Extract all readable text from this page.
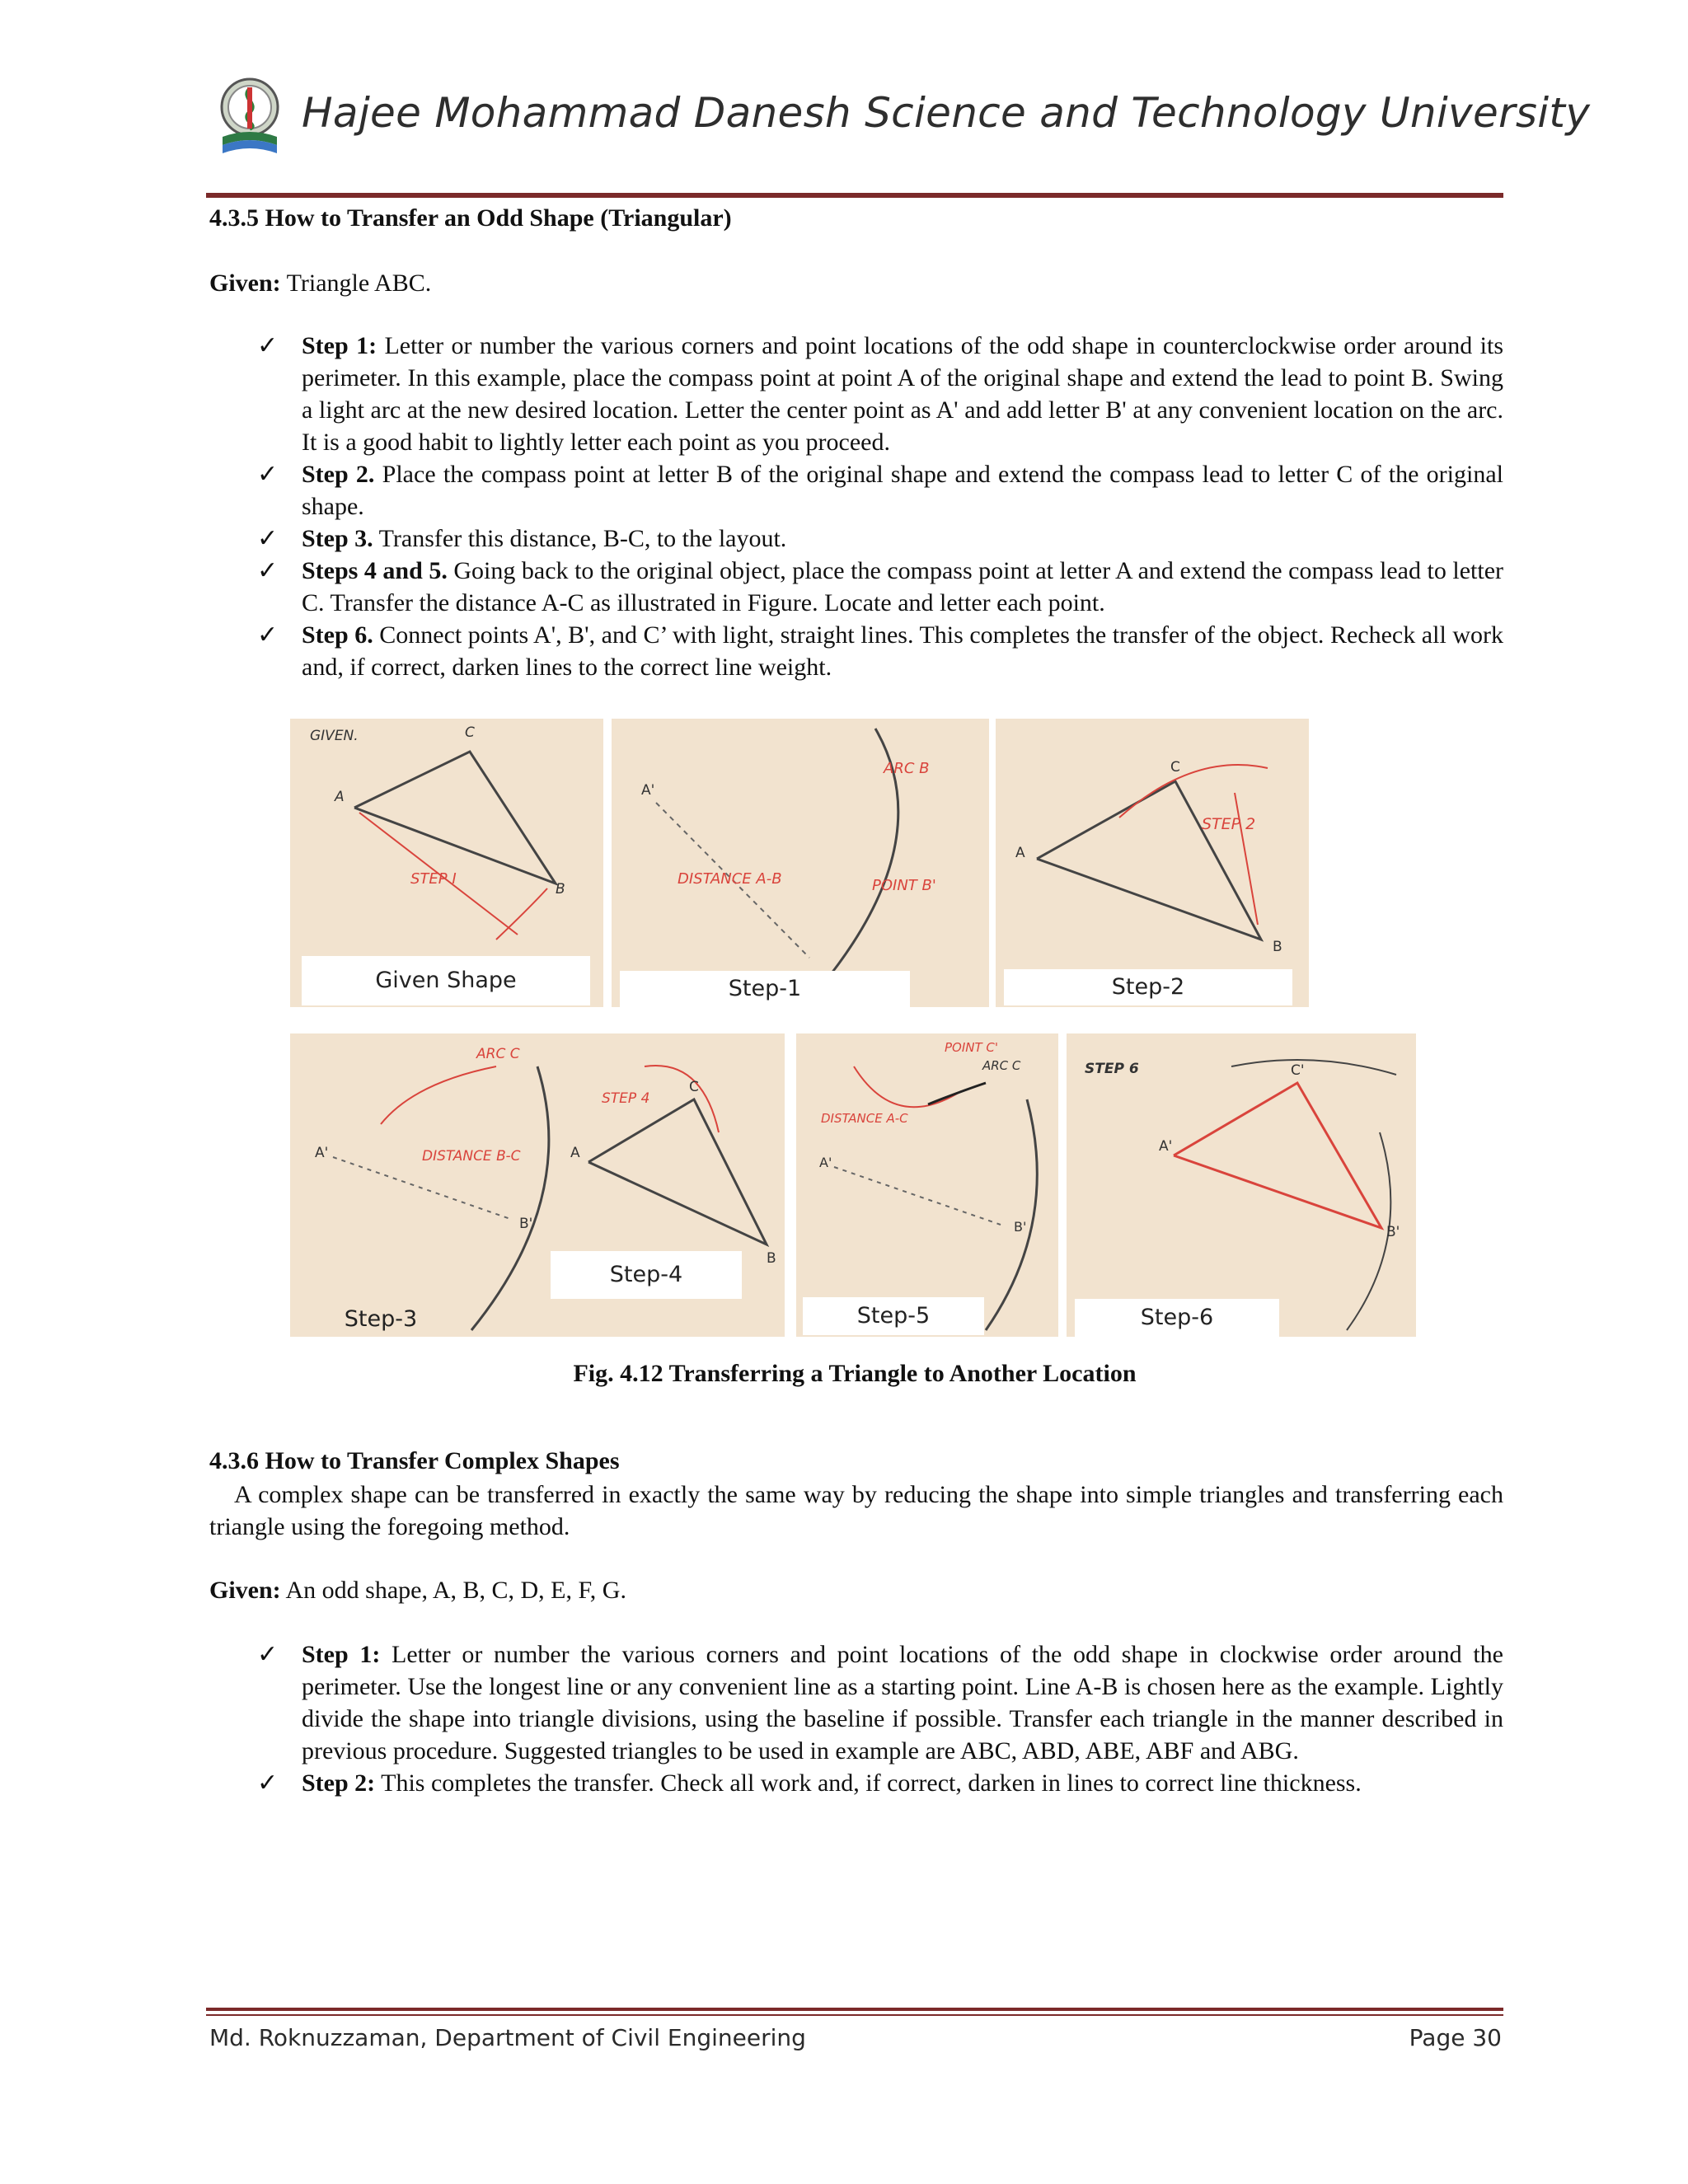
Hajee Mohammad Danesh Science and Technology University
4.3.5 How to Transfer an Odd Shape (Triangular)
Given: Triangle ABC.
✓ Step 1: Letter or number the various corners and point locations of the odd shape in counterclockwise order around its perimeter. In this example, place the compass point at point A of the original shape and extend the lead to point B. Swing a light arc at the new desired location. Letter the center point as A' and add letter B' at any convenient location on the arc. It is a good habit to lightly letter each point as you proceed.
✓ Step 2. Place the compass point at letter B of the original shape and extend the compass lead to letter C of the original shape.
✓ Step 3. Transfer this distance, B-C, to the layout.
✓ Steps 4 and 5. Going back to the original object, place the compass point at letter A and extend the compass lead to letter C. Transfer the distance A-C as illustrated in Figure. Locate and letter each point.
✓ Step 6. Connect points A', B', and C’ with light, straight lines. This completes the transfer of the object. Recheck all work and, if correct, darken lines to the correct line weight.
GIVEN.
A
C
B
STEP I
Given Shape
ARC B
DISTANCE A-B	POINT B'
A'
Step-1
A
C
B
STEP 2
Step-2
A'
B'
ARC C
DISTANCE B-C	A
C
B
STEP 4
Step-3
Step-4
POINT C'
DISTANCE A-C
ARC C
A'
B'
Step-5
STEP 6
A'
C'
B'
Step-6
Fig. 4.12 Transferring a Triangle to Another Location
4.3.6 How to Transfer Complex Shapes
A complex shape can be transferred in exactly the same way by reducing the shape into simple triangles and transferring each triangle using the foregoing method.
Given: An odd shape, A, B, C, D, E, F, G.
✓ Step 1: Letter or number the various corners and point locations of the odd shape in clockwise order around the perimeter. Use the longest line or any convenient line as a starting point. Line A-B is chosen here as the example. Lightly divide the shape into triangle divisions, using the baseline if possible. Transfer each triangle in the manner described in previous procedure. Suggested triangles to be used in example are ABC, ABD, ABE, ABF and ABG.
✓ Step 2: This completes the transfer. Check all work and, if correct, darken in lines to correct line thickness.
Md. Roknuzzaman, Department of Civil Engineering	Page 30
